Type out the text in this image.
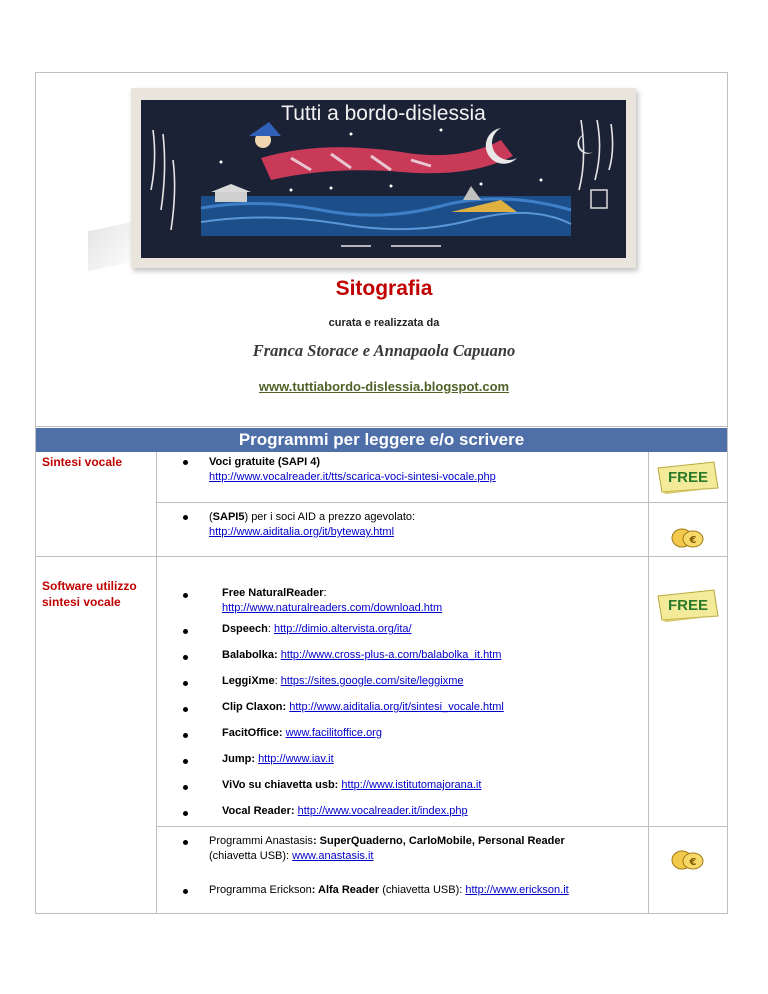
Tutti a bordo-dislessia
Sitografia
curata e realizzata da
Franca Storace e Annapaola Capuano
www.tuttiabordo-dislessia.blogspot.com
Programmi per leggere e/o scrivere
Sintesi vocale
Software utilizzo sintesi vocale
Voci gratuite (SAPI 4)
http://www.vocalreader.it/tts/scarica-voci-sintesi-vocale.php	FREE
(SAPI5) per i soci AID a prezzo agevolato:
http://www.aiditalia.org/it/byteway.html
€
Free NaturalReader:
http://www.naturalreaders.com/download.htm	FREE
Dspeech: http://dimio.altervista.org/ita/
Balabolka: http://www.cross-plus-a.com/balabolka_it.htm
LeggiXme: https://sites.google.com/site/leggixme
Clip Claxon: http://www.aiditalia.org/it/sintesi_vocale.html
FacitOffice: www.facilitoffice.org
Jump: http://www.iav.it
ViVo su chiavetta usb: http://www.istitutomajorana.it
Vocal Reader: http://www.vocalreader.it/index.php
Programmi Anastasis: SuperQuaderno, CarloMobile, Personal Reader
(chiavetta USB): www.anastasis.it
€
Programma Erickson: Alfa Reader (chiavetta USB): http://www.erickson.it
